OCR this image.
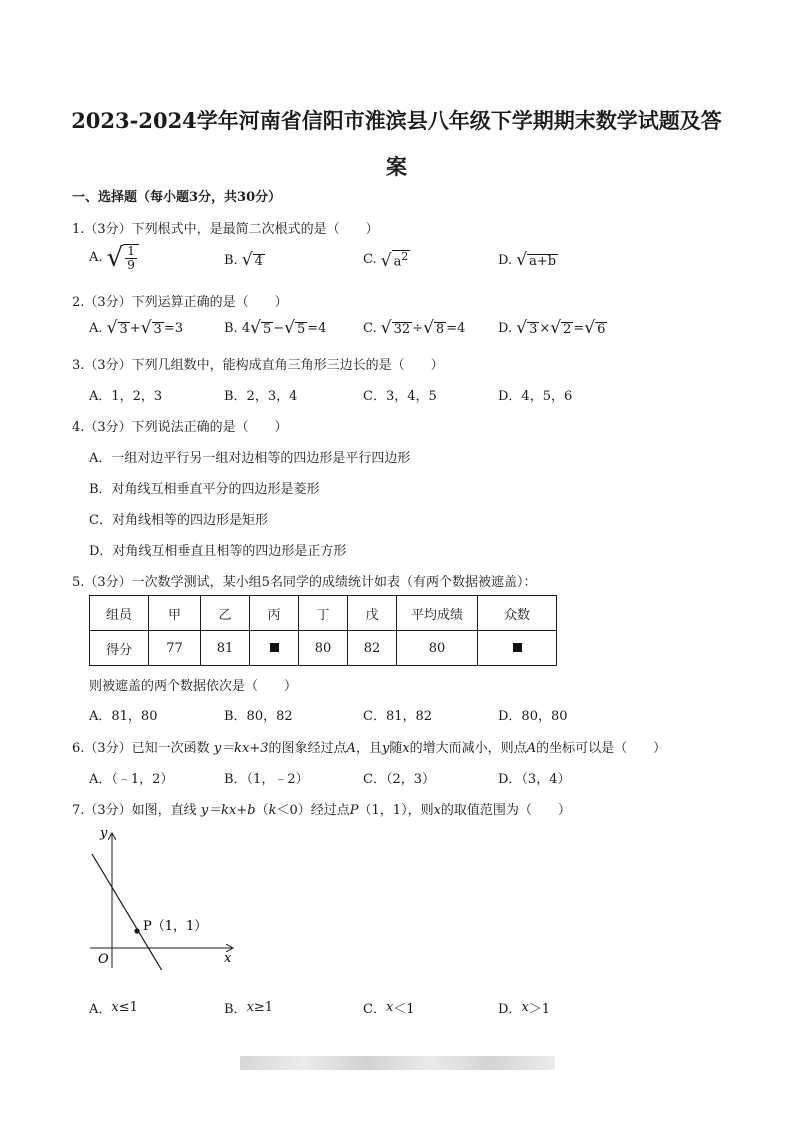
2023-2024学年河南省信阳市淮滨县八年级下学期期末数学试题及答
案
一、选择题（每小题3分，共30分）
1.（3分）下列根式中，是最简二次根式的是（　　）
A.
√ $\frac{1}{9}$	B.
√ 4	C.
√ $a^2$	D.
√ a+b
2.（3分）下列运算正确的是（　　）
A.
√ 3 + √ 3 =3	B.
4 √ 5 − √ 5 =4	C.
√ 32 ÷ √ 8 =4	D.
√ 3 × √ 2 = √ 6
3.（3分）下列几组数中，能构成直角三角形三边长的是（　　）
A．1，2，3	B．2，3，4	C．3，4，5	D．4，5，6
4.（3分）下列说法正确的是（　　）
A．一组对边平行另一组对边相等的四边形是平行四边形
B．对角线互相垂直平分的四边形是菱形
C．对角线相等的四边形是矩形
D．对角线互相垂直且相等的四边形是正方形
5.（3分）一次数学测试，某小组5名同学的成绩统计如表（有两个数据被遮盖）：
组员	甲	乙	丙	丁	戊	平均成绩	众数
得分	77	81		80	82	80	
则被遮盖的两个数据依次是（　　）
A．81，80	B．80，82	C．81，82	D．80，80
6.（3分）已知一次函数 y＝kx+3的图象经过点A，且y随x的增大而减小，则点A的坐标可以是（　　）
A．（﹣1，2）	B．（1，﹣2）	C．（2，3）	D．（3，4）
7.（3分）如图，直线 y＝kx+b（k＜0）经过点P（1，1），则x的取值范围为（　　）
y
x
O
P（1，1）
A． x ≤1	B． x ≥1	C． x ＜1	D． x ＞1
